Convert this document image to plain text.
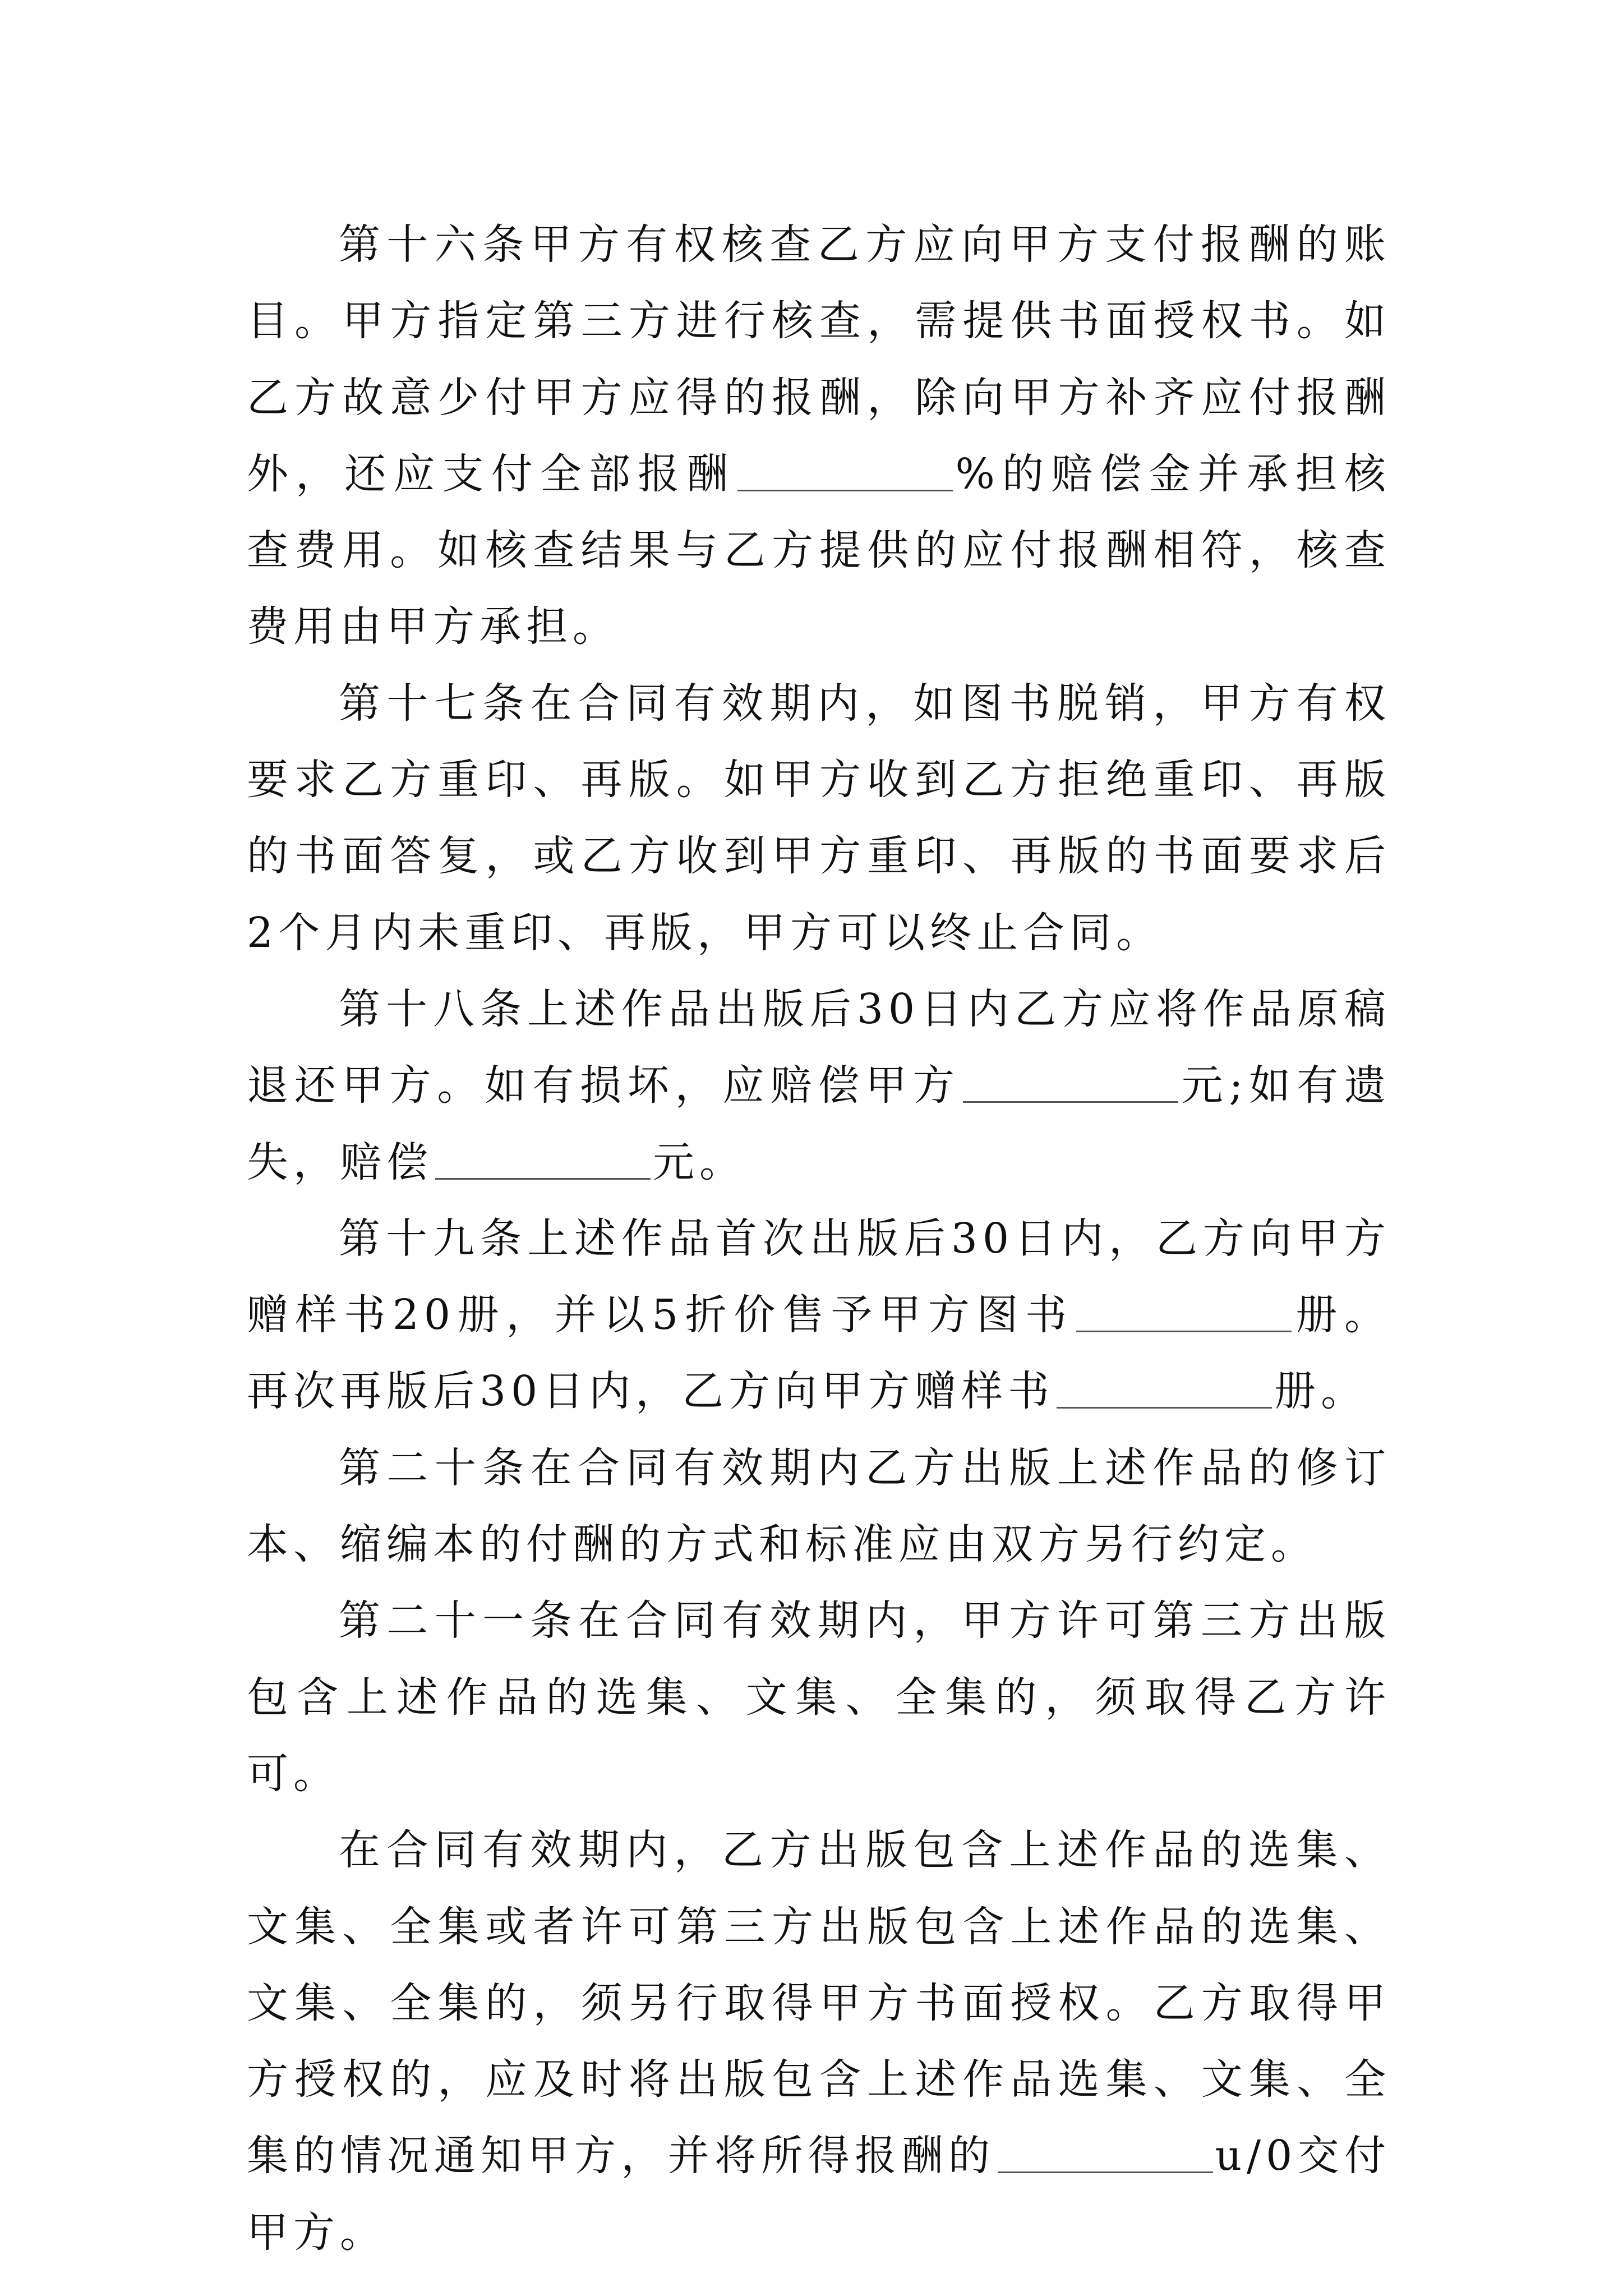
第十六条甲方有权核查乙方应向甲方支付报酬的账目。甲方指定第三方进行核查，需提供书面授权书。如乙方故意少付甲方应得的报酬，除向甲方补齐应付报酬外，还应支付全部报酬	%的赔偿金并承担核查费用。如核查结果与乙方提供的应付报酬相符，核查费用由甲方承担。

第十七条在合同有效期内，如图书脱销，甲方有权要求乙方重印、再版。如甲方收到乙方拒绝重印、再版的书面答复，或乙方收到甲方重印、再版的书面要求后2个月内未重印、再版，甲方可以终止合同。

第十八条上述作品出版后30日内乙方应将作品原稿退还甲方。如有损坏，应赔偿甲方	元;如有遗失，赔偿	元。

第十九条上述作品首次出版后30日内，乙方向甲方赠样书20册，并以5折价售予甲方图书	册。再次再版后30日内，乙方向甲方赠样书	册。

第二十条在合同有效期内乙方出版上述作品的修订本、缩编本的付酬的方式和标准应由双方另行约定。

第二十一条在合同有效期内，甲方许可第三方出版包含上述作品的选集、文集、全集的，须取得乙方许可。

在合同有效期内，乙方出版包含上述作品的选集、文集、全集或者许可第三方出版包含上述作品的选集、文集、全集的，须另行取得甲方书面授权。乙方取得甲方授权的，应及时将出版包含上述作品选集、文集、全集的情况通知甲方，并将所得报酬的	u/0交付甲方。
